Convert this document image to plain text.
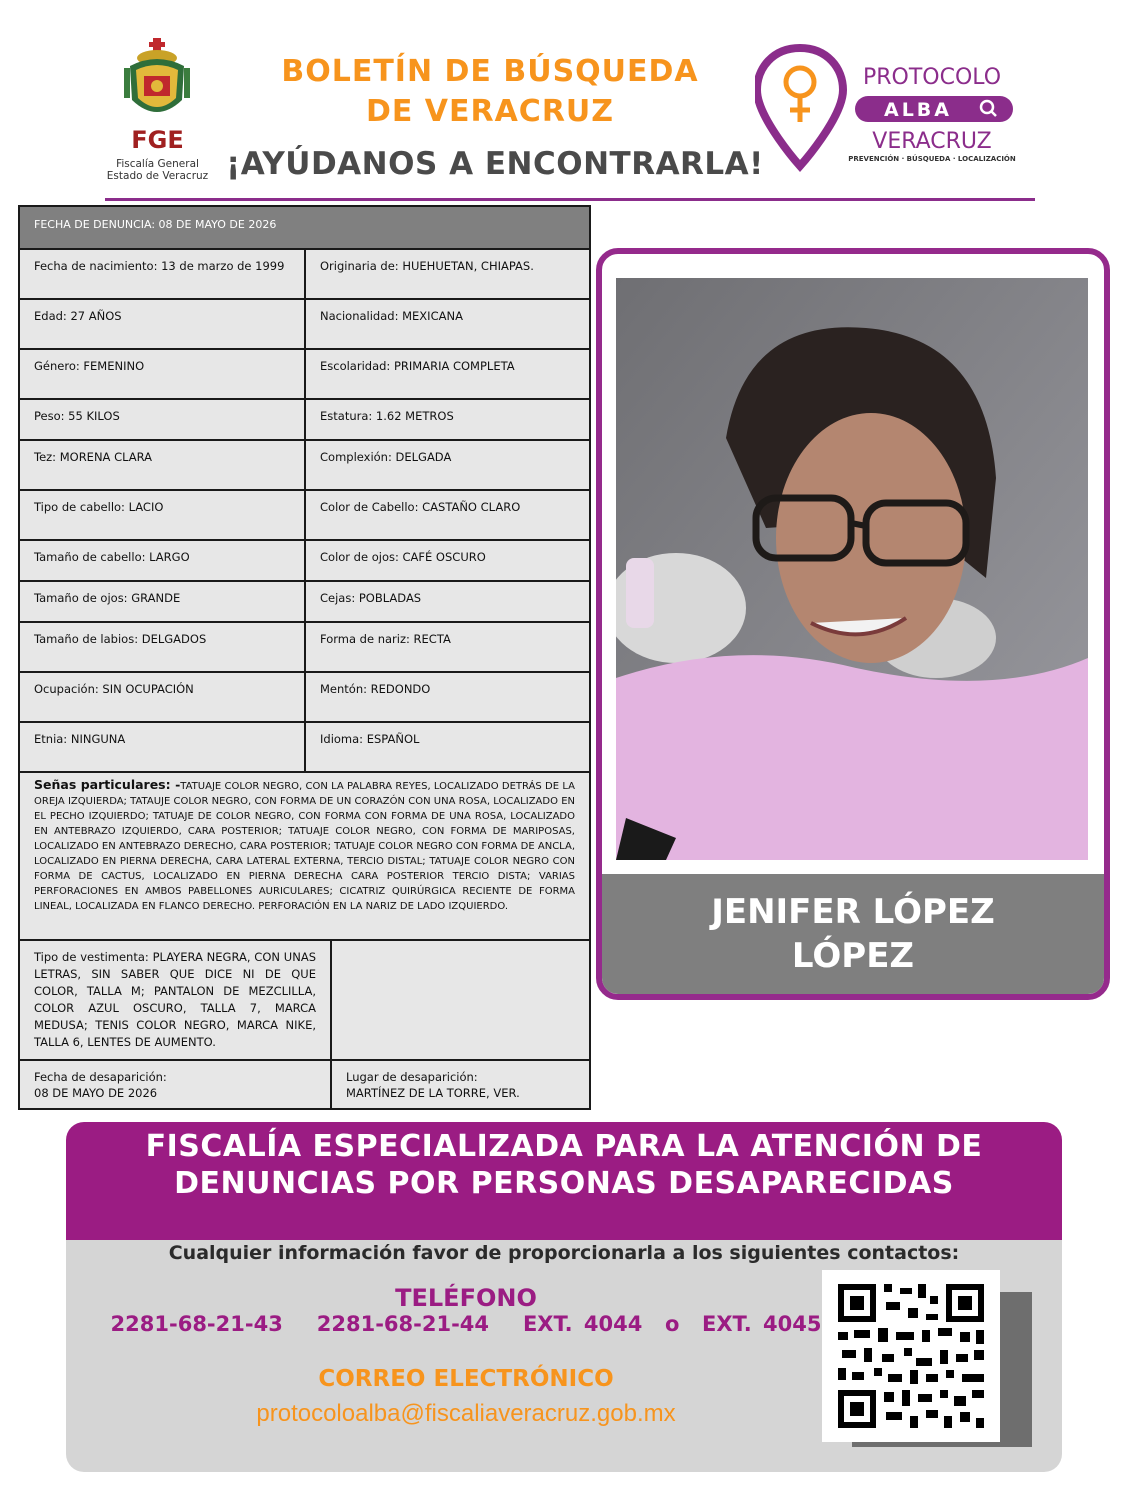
FGE
Fiscalía General
Estado de Veracruz
BOLETÍN DE BÚSQUEDA
DE VERACRUZ
¡AYÚDANOS A ENCONTRARLA!
PROTOCOLO
ALBA
VERACRUZ
PREVENCIÓN · BÚSQUEDA · LOCALIZACIÓN
FECHA DE DENUNCIA: 08 DE MAYO DE 2026
Señas particulares: -TATUAJE COLOR NEGRO, CON LA PALABRA REYES, LOCALIZADO DETRÁS DE LA OREJA IZQUIERDA; TATAUJE COLOR NEGRO, CON FORMA DE UN CORAZÓN CON UNA ROSA, LOCALIZADO EN EL PECHO IZQUIERDO; TATUAJE DE COLOR NEGRO, CON FORMA CON FORMA DE UNA ROSA, LOCALIZADO EN ANTEBRAZO IZQUIERDO, CARA POSTERIOR; TATUAJE COLOR NEGRO, CON FORMA DE MARIPOSAS, LOCALIZADO EN ANTEBRAZO DERECHO, CARA POSTERIOR; TATUAJE COLOR NEGRO CON FORMA DE ANCLA, LOCALIZADO EN PIERNA DERECHA, CARA LATERAL EXTERNA, TERCIO DISTAL; TATUAJE COLOR NEGRO CON FORMA DE CACTUS, LOCALIZADO EN PIERNA DERECHA CARA POSTERIOR TERCIO DISTA; VARIAS PERFORACIONES EN AMBOS PABELLONES AURICULARES; CICATRIZ QUIRÚRGICA RECIENTE DE FORMA LINEAL, LOCALIZADA EN FLANCO DERECHO. PERFORACIÓN EN LA NARIZ DE LADO IZQUIERDO.
Tipo de vestimenta: PLAYERA NEGRA, CON UNAS LETRAS, SIN SABER QUE DICE NI DE QUE COLOR, TALLA M; PANTALON DE MEZCLILLA, COLOR AZUL OSCURO, TALLA 7, MARCA MEDUSA; TENIS COLOR NEGRO, MARCA NIKE, TALLA 6, LENTES DE AUMENTO.
Fecha de desaparición:
08 DE MAYO DE 2026
Lugar de desaparición:
MARTÍNEZ DE LA TORRE, VER.
Fecha de nacimiento: 13 de marzo de 1999	Originaria de: HUEHUETAN, CHIAPAS.
Edad: 27 AÑOS	Nacionalidad: MEXICANA
Género: FEMENINO	Escolaridad: PRIMARIA COMPLETA
Peso: 55 KILOS	Estatura: 1.62 METROS
Tez: MORENA CLARA	Complexión: DELGADA
Tipo de cabello: LACIO	Color de Cabello: CASTAÑO CLARO
Tamaño de cabello: LARGO	Color de ojos: CAFÉ OSCURO
Tamaño de ojos: GRANDE	Cejas: POBLADAS
Tamaño de labios: DELGADOS	Forma de nariz: RECTA
Ocupación: SIN OCUPACIÓN	Mentón: REDONDO
Etnia: NINGUNA	Idioma: ESPAÑOL
JENIFER LÓPEZ
LÓPEZ
FISCALÍA ESPECIALIZADA PARA LA ATENCIÓN DE
DENUNCIAS POR PERSONAS DESAPARECIDAS
Cualquier información favor de proporcionarla a los siguientes contactos:
TELÉFONO
2281-68-21-43   2281-68-21-44   EXT. 4044  o  EXT. 4045
CORREO ELECTRÓNICO
protocoloalba@fiscaliaveracruz.gob.mx
